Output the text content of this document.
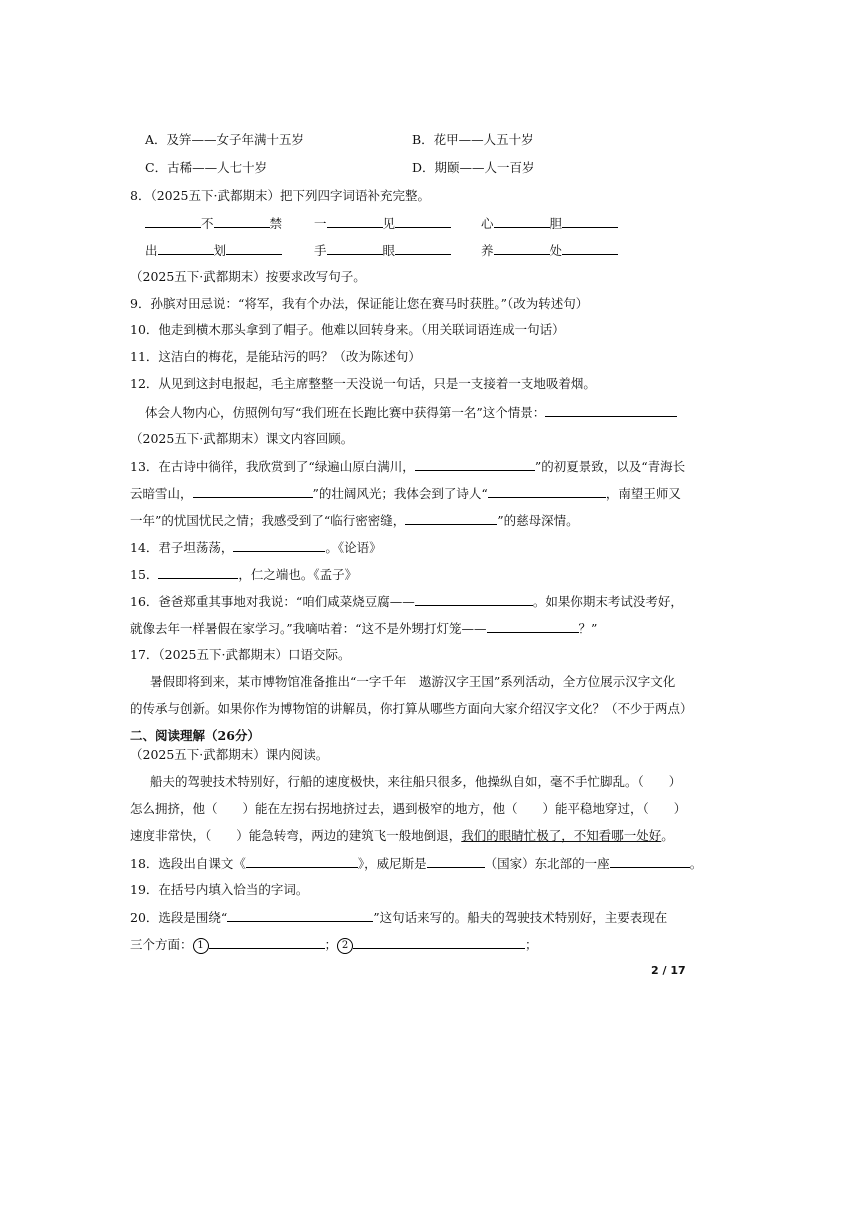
A．及笄——女子年满十五岁	B．花甲——人五十岁
C．古稀——人七十岁	D．期颐——人一百岁
8．（2025五下·武都期末）把下列四字词语补充完整。
不	禁	一	见	心	胆
出	划	手	眼	养	处
（2025五下·武都期末）按要求改写句子。
9．孙膑对田忌说：“将军，我有个办法，保证能让您在赛马时获胜。”（改为转述句）
10．他走到横木那头拿到了帽子。他难以回转身来。（用关联词语连成一句话）
11．这洁白的梅花，是能玷污的吗？（改为陈述句）
12．从见到这封电报起，毛主席整整一天没说一句话，只是一支接着一支地吸着烟。
体会人物内心，仿照例句写“我们班在长跑比赛中获得第一名”这个情景：
（2025五下·武都期末）课文内容回顾。
13．在古诗中徜徉，我欣赏到了“绿遍山原白满川，	”的初夏景致，以及“青海长
云暗雪山，	”的壮阔风光；我体会到了诗人“	，南望王师又
一年”的忧国忧民之情；我感受到了“临行密密缝，	”的慈母深情。
14．君子坦荡荡，	。《论语》
15．	，仁之端也。《孟子》
16．爸爸郑重其事地对我说：“咱们咸菜烧豆腐——	。如果你期末考试没考好，
就像去年一样暑假在家学习。”我嘀咕着：“这不是外甥打灯笼——	？”
17．（2025五下·武都期末）口语交际。
暑假即将到来，某市博物馆准备推出“一字千年　遨游汉字王国”系列活动，全方位展示汉字文化
的传承与创新。如果你作为博物馆的讲解员，你打算从哪些方面向大家介绍汉字文化？（不少于两点）
二、阅读理解（26分）
（2025五下·武都期末）课内阅读。
船夫的驾驶技术特别好，行船的速度极快，来往船只很多，他操纵自如，毫不手忙脚乱。（　　）
怎么拥挤，他（　　）能在左拐右拐地挤过去，遇到极窄的地方，他（　　）能平稳地穿过，（　　）
速度非常快，（　　）能急转弯，两边的建筑飞一般地倒退，我们的眼睛忙极了，不知看哪一处好。
18．选段出自课文《	》，威尼斯是	（国家）东北部的一座	。
19．在括号内填入恰当的字词。
20．选段是围绕“	”这句话来写的。船夫的驾驶技术特别好，主要表现在
三个方面： 1	； 2	；
2 / 17
